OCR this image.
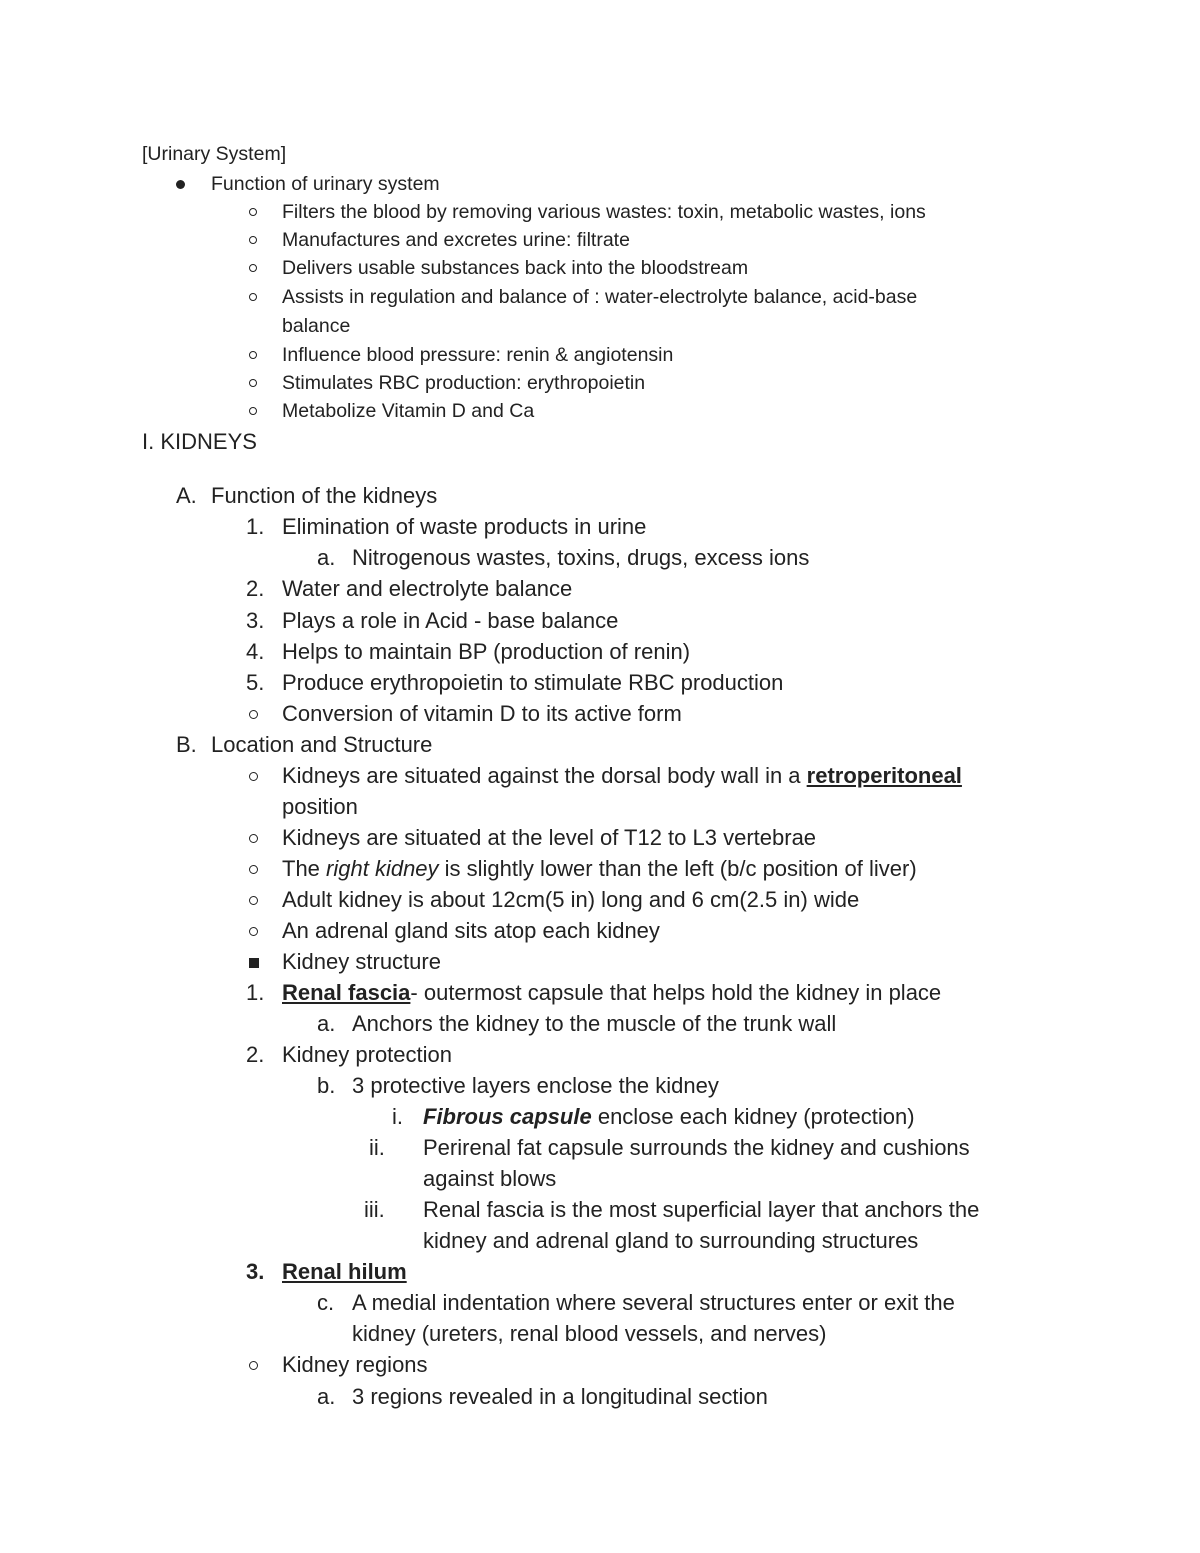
[Urinary System]
Function of urinary system
Filters the blood by removing various wastes: toxin, metabolic wastes, ions
Manufactures and excretes urine: filtrate
Delivers usable substances back into the bloodstream
Assists in regulation and balance of : water-electrolyte balance, acid-base
balance
Influence blood pressure: renin & angiotensin
Stimulates RBC production: erythropoietin
Metabolize Vitamin D and Ca
I. KIDNEYS
A. Function of the kidneys
1. Elimination of waste products in urine
a. Nitrogenous wastes, toxins, drugs, excess ions
2. Water and electrolyte balance
3. Plays a role in Acid - base balance
4. Helps to maintain BP (production of renin)
5. Produce erythropoietin to stimulate RBC production
Conversion of vitamin D to its active form
B. Location and Structure
Kidneys are situated against the dorsal body wall in a retroperitoneal
position
Kidneys are situated at the level of T12 to L3 vertebrae
The right kidney is slightly lower than the left (b/c position of liver)
Adult kidney is about 12cm(5 in) long and 6 cm(2.5 in) wide
An adrenal gland sits atop each kidney
Kidney structure
1. Renal fascia- outermost capsule that helps hold the kidney in place
a. Anchors the kidney to the muscle of the trunk wall
2. Kidney protection
b. 3 protective layers enclose the kidney
i. Fibrous capsule enclose each kidney (protection)
ii. Perirenal fat capsule surrounds the kidney and cushions
against blows
iii. Renal fascia is the most superficial layer that anchors the
kidney and adrenal gland to surrounding structures
3. Renal hilum
c. A medial indentation where several structures enter or exit the
kidney (ureters, renal blood vessels, and nerves)
Kidney regions
a. 3 regions revealed in a longitudinal section
